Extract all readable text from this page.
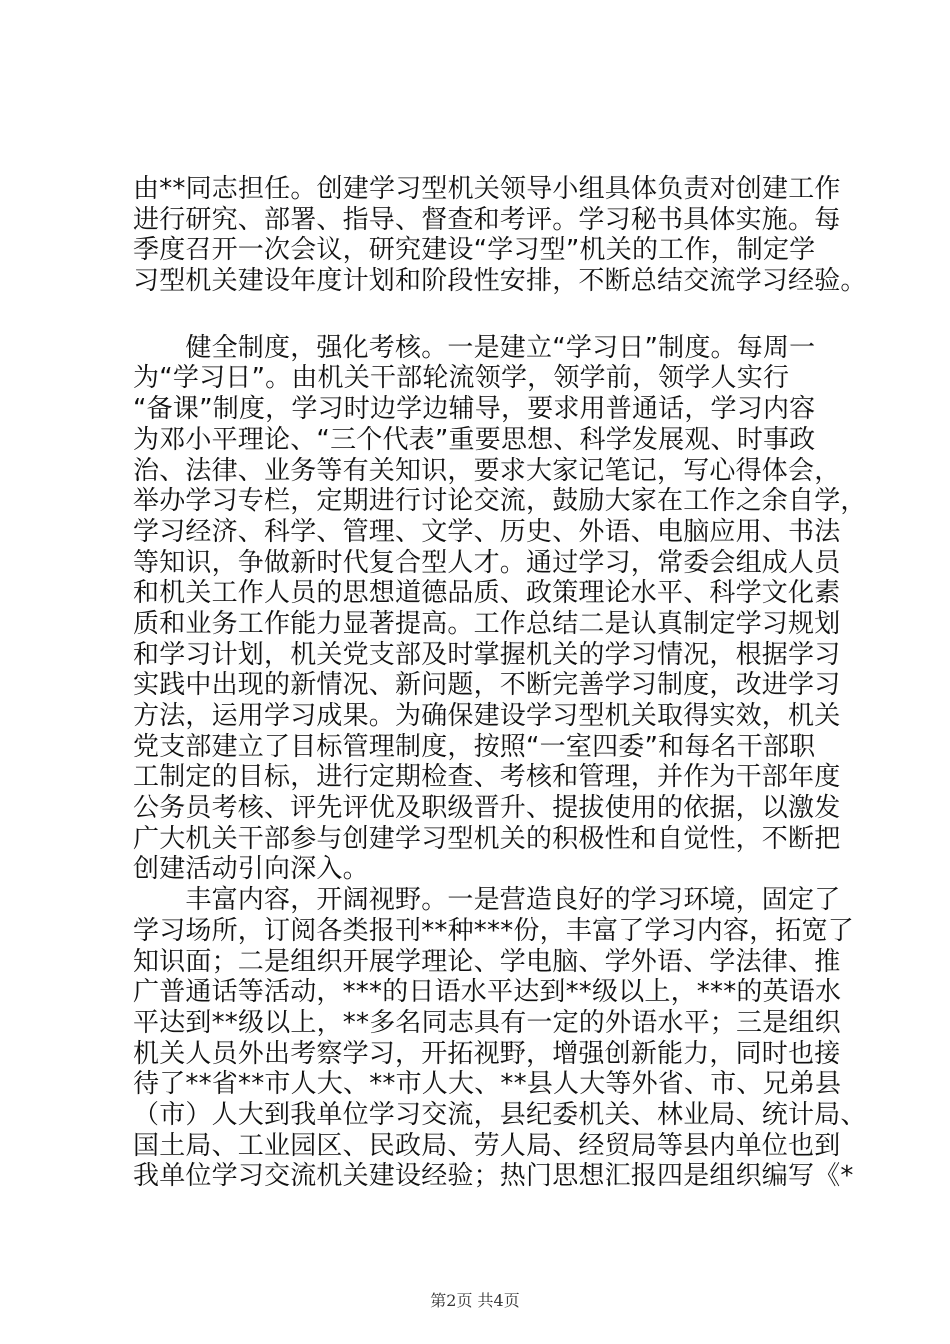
由**同志担任。创建学习型机关领导小组具体负责对创建工作
进行研究、部署、指导、督查和考评。学习秘书具体实施。每
季度召开一次会议，研究建设“学习型”机关的工作，制定学
习型机关建设年度计划和阶段性安排，不断总结交流学习经验。
　　健全制度，强化考核。一是建立“学习日”制度。每周一
为“学习日”。由机关干部轮流领学，领学前，领学人实行
“备课”制度，学习时边学边辅导，要求用普通话，学习内容
为邓小平理论、“三个代表”重要思想、科学发展观、时事政
治、法律、业务等有关知识，要求大家记笔记，写心得体会，
举办学习专栏，定期进行讨论交流，鼓励大家在工作之余自学，
学习经济、科学、管理、文学、历史、外语、电脑应用、书法
等知识，争做新时代复合型人才。通过学习，常委会组成人员
和机关工作人员的思想道德品质、政策理论水平、科学文化素
质和业务工作能力显著提高。工作总结二是认真制定学习规划
和学习计划，机关党支部及时掌握机关的学习情况，根据学习
实践中出现的新情况、新问题，不断完善学习制度，改进学习
方法，运用学习成果。为确保建设学习型机关取得实效，机关
党支部建立了目标管理制度，按照“一室四委”和每名干部职
工制定的目标，进行定期检查、考核和管理，并作为干部年度
公务员考核、评先评优及职级晋升、提拔使用的依据，以激发
广大机关干部参与创建学习型机关的积极性和自觉性，不断把
创建活动引向深入。
　　丰富内容，开阔视野。一是营造良好的学习环境，固定了
学习场所，订阅各类报刊**种***份，丰富了学习内容，拓宽了
知识面；二是组织开展学理论、学电脑、学外语、学法律、推
广普通话等活动，***的日语水平达到**级以上，***的英语水
平达到**级以上，**多名同志具有一定的外语水平；三是组织
机关人员外出考察学习，开拓视野，增强创新能力，同时也接
待了**省**市人大、**市人大、**县人大等外省、市、兄弟县
（市）人大到我单位学习交流，县纪委机关、林业局、统计局、
国土局、工业园区、民政局、劳人局、经贸局等县内单位也到
我单位学习交流机关建设经验；热门思想汇报四是组织编写《*
第2页 共4页
